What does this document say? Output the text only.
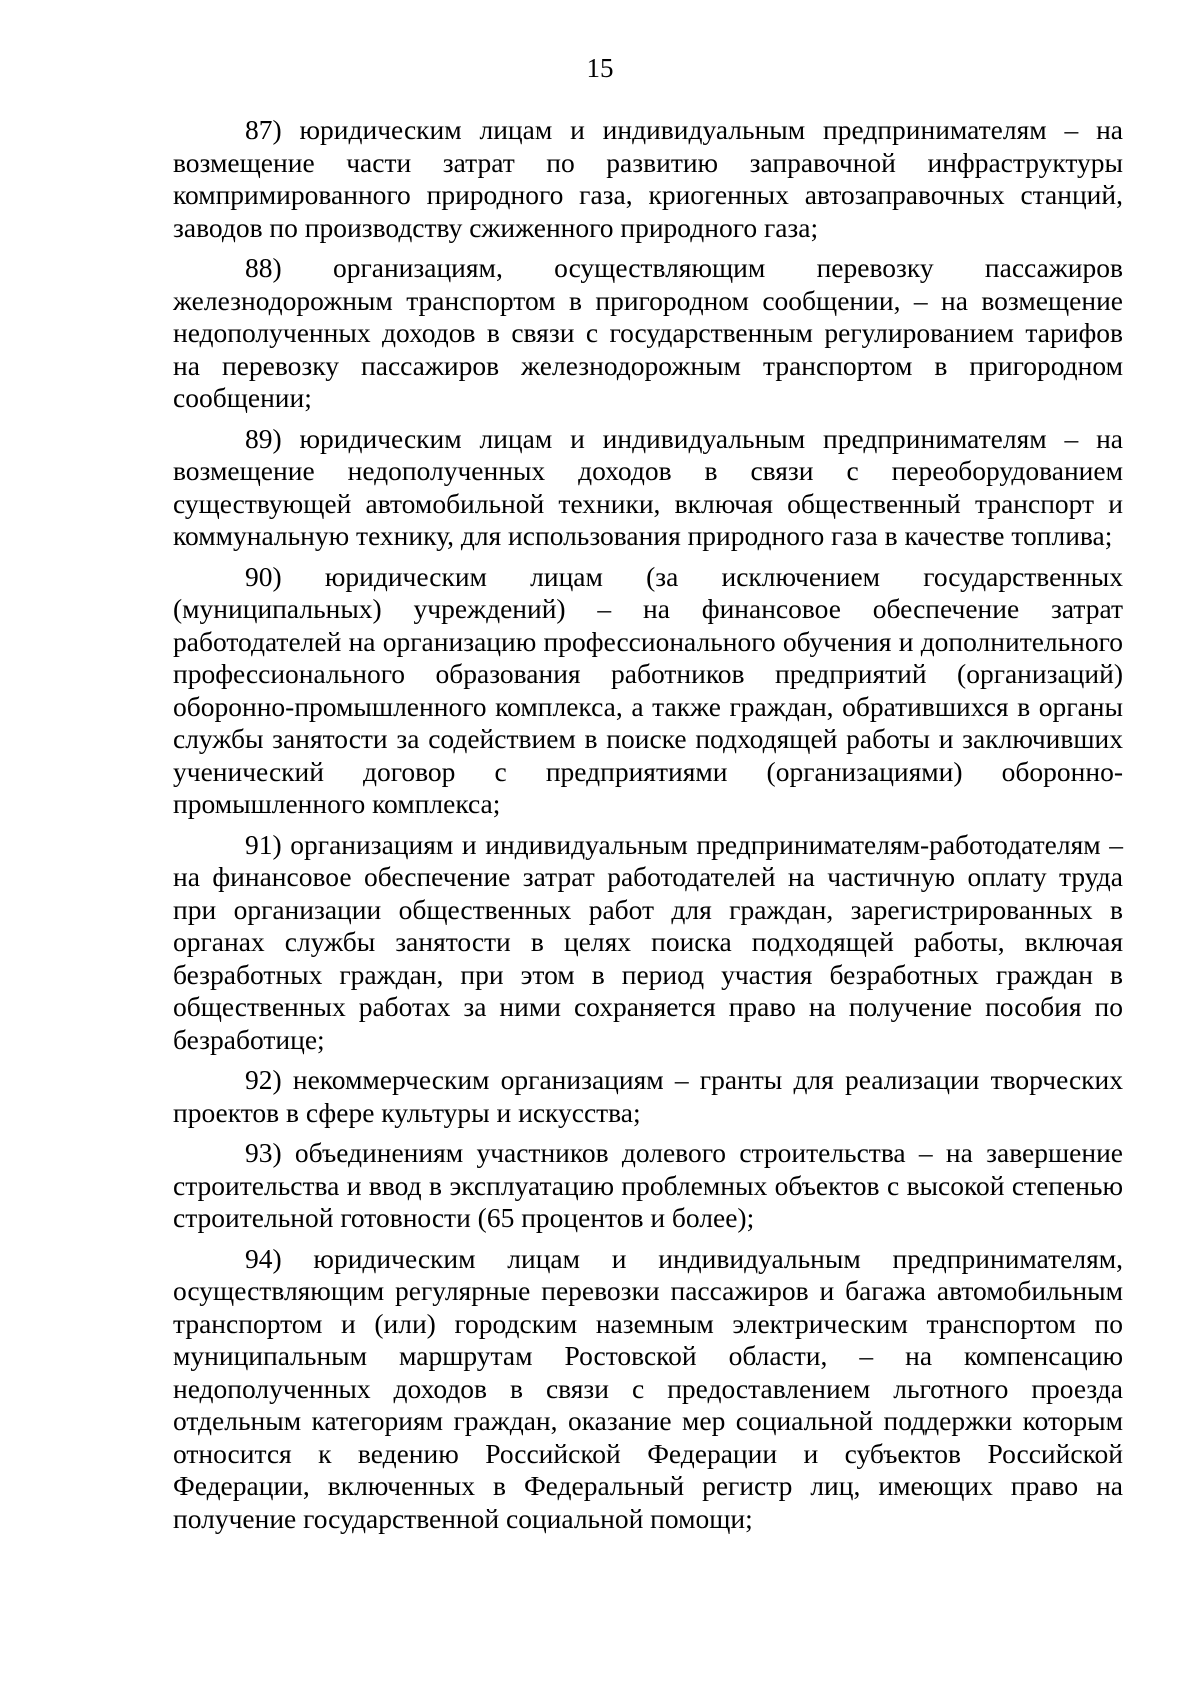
15

87) юридическим лицам и индивидуальным предпринимателям – на возмещение части затрат по развитию заправочной инфраструктуры компримированного природного газа, криогенных автозаправочных станций, заводов по производству сжиженного природного газа;

88) организациям, осуществляющим перевозку пассажиров железнодорожным транспортом в пригородном сообщении, – на возмещение недополученных доходов в связи с государственным регулированием тарифов на перевозку пассажиров железнодорожным транспортом в пригородном сообщении;

89) юридическим лицам и индивидуальным предпринимателям – на возмещение недополученных доходов в связи с переоборудованием существующей автомобильной техники, включая общественный транспорт и коммунальную технику, для использования природного газа в качестве топлива;

90) юридическим лицам (за исключением государственных (муниципальных) учреждений) – на финансовое обеспечение затрат работодателей на организацию профессионального обучения и дополнительного профессионального образования работников предприятий (организаций) оборонно-промышленного комплекса, а также граждан, обратившихся в органы службы занятости за содействием в поиске подходящей работы и заключивших ученический договор с предприятиями (организациями) оборонно-промышленного комплекса;

91) организациям и индивидуальным предпринимателям-работодателям – на финансовое обеспечение затрат работодателей на частичную оплату труда при организации общественных работ для граждан, зарегистрированных в органах службы занятости в целях поиска подходящей работы, включая безработных граждан, при этом в период участия безработных граждан в общественных работах за ними сохраняется право на получение пособия по безработице;

92) некоммерческим организациям – гранты для реализации творческих проектов в сфере культуры и искусства;

93) объединениям участников долевого строительства – на завершение строительства и ввод в эксплуатацию проблемных объектов с высокой степенью строительной готовности (65 процентов и более);

94) юридическим лицам и индивидуальным предпринимателям, осуществляющим регулярные перевозки пассажиров и багажа автомобильным транспортом и (или) городским наземным электрическим транспортом по муниципальным маршрутам Ростовской области, – на компенсацию недополученных доходов в связи с предоставлением льготного проезда отдельным категориям граждан, оказание мер социальной поддержки которым относится к ведению Российской Федерации и субъектов Российской Федерации, включенных в Федеральный регистр лиц, имеющих право на получение государственной социальной помощи;
